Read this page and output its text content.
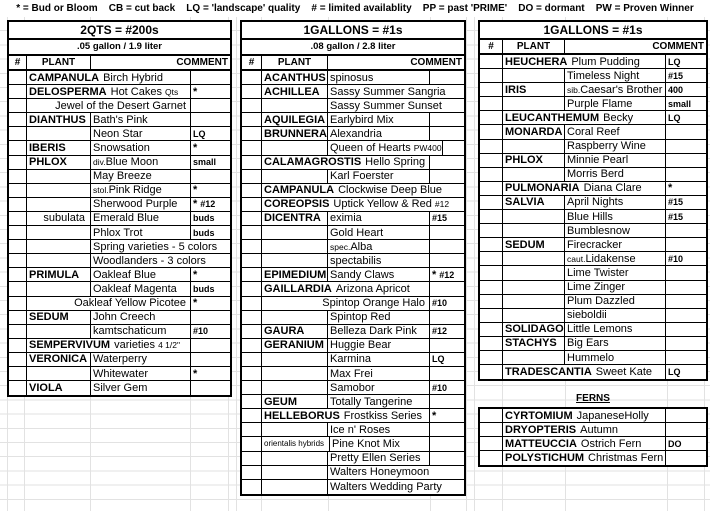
* = Bud or Bloom    CB = cut back    LQ = 'landscape' quality    # = limited availablity    PP = past 'PRIME'    DO = dormant    PW = Proven Winner
2QTS = #200s
.05 gallon / 1.9 liter
#	PLANT	COMMENT
CAMPANULA Birch Hybrid
DELOSPERMA Hot Cakes Qts *
Jewel of the Desert Garnet
DIANTHUS Bath's Pink
Neon Star	LQ
IBERIS Snowsation	*
PHLOX	div. Blue Moon	small
May Breeze
stol. Pink Ridge	*
Sherwood Purple * #12
subulata Emerald Blue	buds
Phlox Trot	buds
Spring varieties - 5 colors
Woodlanders - 3 colors
PRIMULA Oakleaf Blue	*
Oakleaf Magenta buds
Oakleaf Yellow Picotee *
SEDUM John Creech
kamtschaticum	#10
SEMPERVIVUM varieties 4 1/2"
VERONICA Waterperry
Whitewater	*
VIOLA	Silver Gem
1GALLONS = #1s
.08 gallon / 2.8 liter
#	PLANT	COMMENT
ACANTHUS spinosus
ACHILLEA Sassy Summer Sangria
Sassy Summer Sunset
AQUILEGIA Earlybird Mix
BRUNNERA Alexandria
Queen of Hearts PW400
CALAMAGROSTIS Hello Spring
Karl Foerster
CAMPANULA Clockwise Deep Blue
COREOPSIS Uptick Yellow & Red #12
DICENTRA eximia	#15
Gold Heart
spec. Alba
spectabilis
EPIMEDIUM Sandy Claws	* #12
GAILLARDIA Arizona Apricot
Spintop Orange Halo #10
Spintop Red
GAURA Belleza Dark Pink #12
GERANIUM Huggie Bear
Karmina	LQ
Max Frei
Samobor	#10
GEUM	Totally Tangerine
HELLEBORUS Frostkiss Series *
Ice n' Roses
orientalis hybrids Pine Knot Mix
Pretty Ellen Series
Walters Honeymoon
Walters Wedding Party
1GALLONS = #1s
#	PLANT	COMMENT
HEUCHERA Plum Pudding	LQ
Timeless Night	#15
IRIS	sib. Caesar's Brother 400
Purple Flame	small
LEUCANTHEMUM Becky	LQ
MONARDA Coral Reef
Raspberry Wine
PHLOX Minnie Pearl
Morris Berd
PULMONARIA Diana Clare *
SALVIA April Nights	#15
Blue Hills	#15
Bumblesnow
SEDUM Firecracker
caut. Lidakense	#10
Lime Twister
Lime Zinger
Plum Dazzled
sieboldii
SOLIDAGO Little Lemons
STACHYS Big Ears
Hummelo
TRADESCANTIA Sweet Kate LQ
FERNS
CYRTOMIUM JapaneseHolly
DRYOPTERIS Autumn
MATTEUCCIA Ostrich Fern	DO
POLYSTICHUM Christmas Fern
